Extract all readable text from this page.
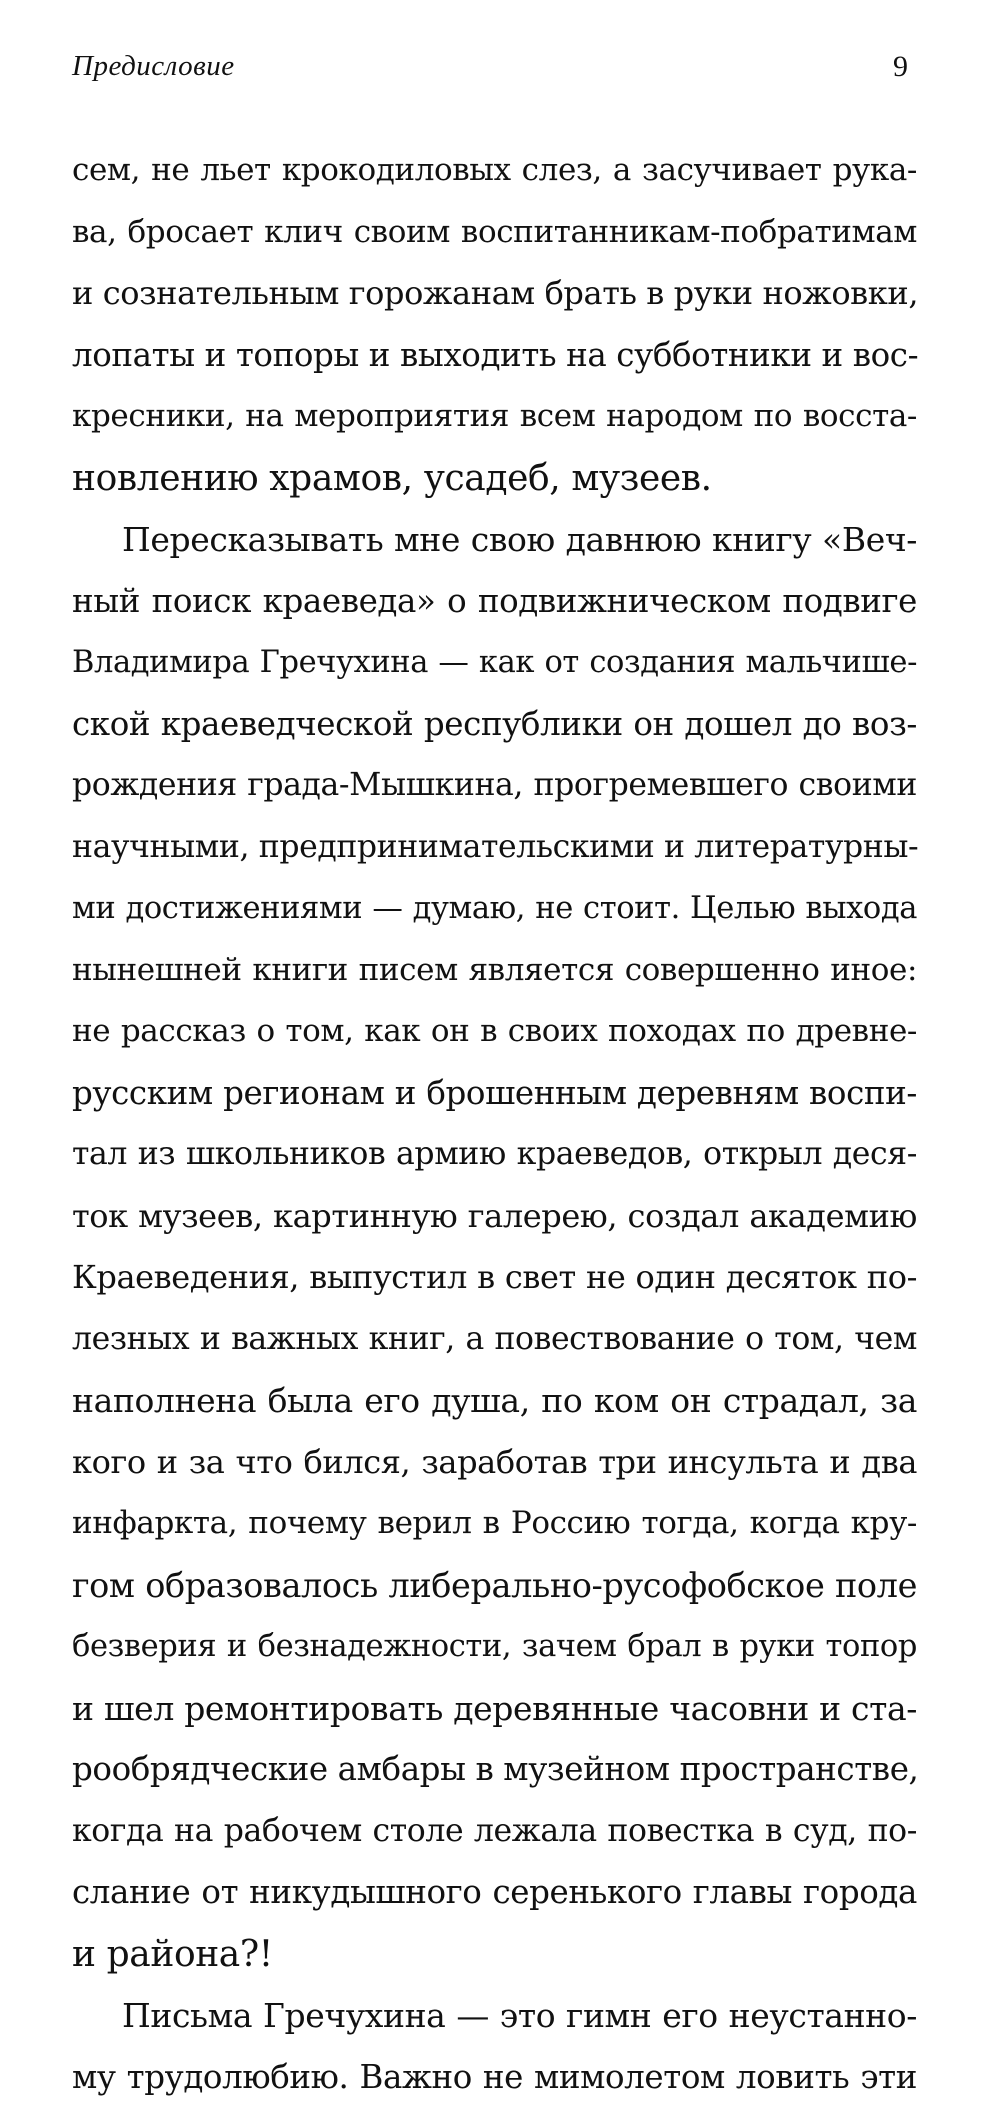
Предисловие	9
сем, не льет крокодиловых слез, а засучивает рука-
ва, бросает клич своим воспитанникам-побратимам
и сознательным горожанам брать в руки ножовки,
лопаты и топоры и выходить на субботники и вос-
кресники, на мероприятия всем народом по восста-
новлению храмов, усадеб, музеев.
Пересказывать мне свою давнюю книгу «Веч-
ный поиск краеведа» о подвижническом подвиге
Владимира Гречухина — как от создания мальчише-
ской краеведческой республики он дошел до воз-
рождения града-Мышкина, прогремевшего своими
научными, предпринимательскими и литературны-
ми достижениями — думаю, не стоит. Целью выхода
нынешней книги писем является совершенно иное:
не рассказ о том, как он в своих походах по древне-
русским регионам и брошенным деревням воспи-
тал из школьников армию краеведов, открыл деся-
ток музеев, картинную галерею, создал академию
Краеведения, выпустил в свет не один десяток по-
лезных и важных книг, а повествование о том, чем
наполнена была его душа, по ком он страдал, за
кого и за что бился, заработав три инсульта и два
инфаркта, почему верил в Россию тогда, когда кру-
гом образовалось либерально-русофобское поле
безверия и безнадежности, зачем брал в руки топор
и шел ремонтировать деревянные часовни и ста-
рообрядческие амбары в музейном пространстве,
когда на рабочем столе лежала повестка в суд, по-
слание от никудышного серенького главы города
и района?!
Письма Гречухина — это гимн его неустанно-
му трудолюбию. Важно не мимолетом ловить эти
